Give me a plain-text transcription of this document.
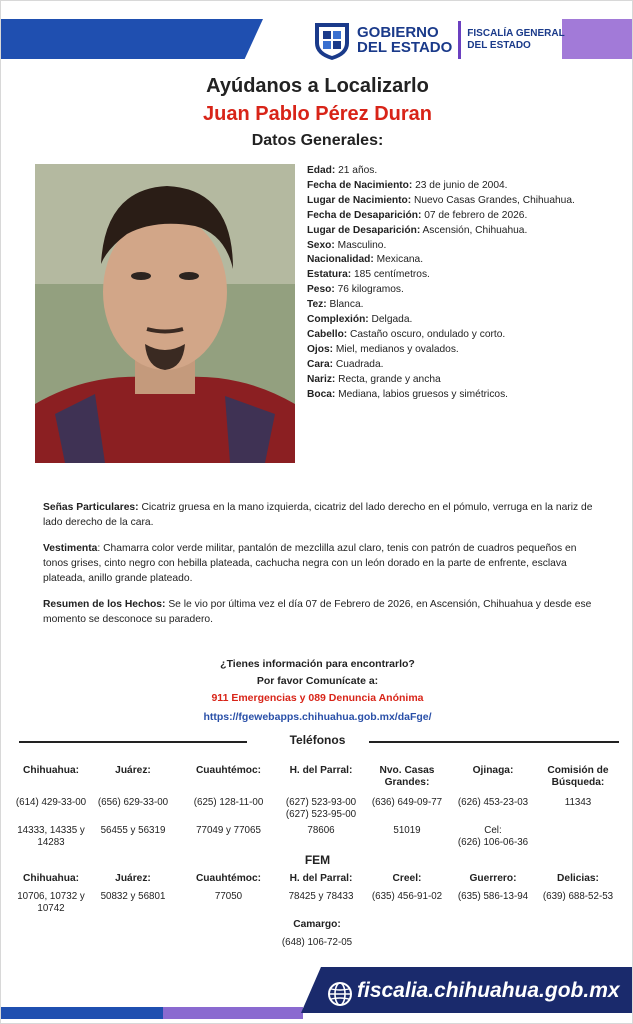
GOBIERNO
DEL ESTADO
FISCALÍA GENERAL
DEL ESTADO
Ayúdanos a Localizarlo
Juan Pablo Pérez Duran
Datos Generales:
Edad: 21 años.
Fecha de Nacimiento: 23 de junio de 2004.
Lugar de Nacimiento: Nuevo Casas Grandes, Chihuahua.
Fecha de Desaparición: 07 de febrero de 2026.
Lugar de Desaparición: Ascensión, Chihuahua.
Sexo: Masculino.
Nacionalidad: Mexicana.
Estatura: 185 centímetros.
Peso: 76 kilogramos.
Tez: Blanca.
Complexión: Delgada.
Cabello: Castaño oscuro, ondulado y corto.
Ojos: Miel, medianos y ovalados.
Cara: Cuadrada.
Nariz: Recta, grande y ancha
Boca: Mediana, labios gruesos y simétricos.
Señas Particulares: Cicatriz gruesa en la mano izquierda, cicatriz del lado derecho en el pómulo, verruga en la nariz de lado derecho de la cara.
Vestimenta: Chamarra color verde militar, pantalón de mezclilla azul claro, tenis con patrón de cuadros pequeños en tonos grises, cinto negro con hebilla plateada, cachucha negra con un león dorado en la parte de enfrente, esclava plateada, anillo grande plateado.
Resumen de los Hechos: Se le vio por última vez el día 07 de Febrero de 2026, en Ascensión, Chihuahua y desde ese momento se desconoce su paradero.
¿Tienes información para encontrarlo?
Por favor Comunícate a:
911 Emergencias y 089 Denuncia Anónima
https://fgewebapps.chihuahua.gob.mx/daFge/
Teléfonos
Chihuahua:
(614) 429-33-00
14333, 14335 y
14283
Juárez:
(656) 629-33-00
56455 y 56319
Cuauhtémoc:
(625) 128-11-00
77049 y 77065
H. del Parral:
(627) 523-93-00
(627) 523-95-00
78606
Nvo. Casas
Grandes:
(636) 649-09-77
51019
Ojinaga:
(626) 453-23-03
Cel:
(626) 106-06-36
Comisión de
Búsqueda:
11343
FEM
Chihuahua:
10706, 10732 y
10742
Juárez:
50832 y 56801
Cuauhtémoc:
77050
H. del Parral:
78425 y 78433
Creel:
(635) 456-91-02
Guerrero:
(635) 586-13-94
Delicias:
(639) 688-52-53
Camargo:
(648) 106-72-05
fiscalia.chihuahua.gob.mx
